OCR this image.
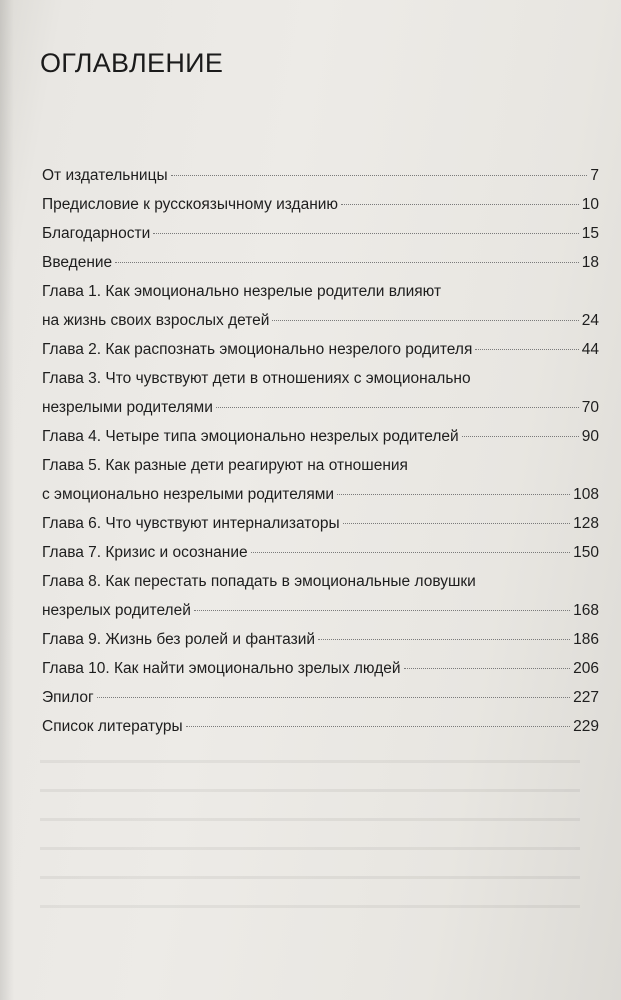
ОГЛАВЛЕНИЕ
От издательницы	7
Предисловие к русскоязычному изданию	10
Благодарности	15
Введение	18
Глава 1. Как эмоционально незрелые родители влияют
на жизнь своих взрослых детей	24
Глава 2. Как распознать эмоционально незрелого родителя	44
Глава 3. Что чувствуют дети в отношениях с эмоционально
незрелыми родителями	70
Глава 4. Четыре типа эмоционально незрелых родителей	90
Глава 5. Как разные дети реагируют на отношения
с эмоционально незрелыми родителями	108
Глава 6. Что чувствуют интернализаторы	128
Глава 7. Кризис и осознание	150
Глава 8. Как перестать попадать в эмоциональные ловушки
незрелых родителей	168
Глава 9. Жизнь без ролей и фантазий	186
Глава 10. Как найти эмоционально зрелых людей	206
Эпилог	227
Список литературы	229
